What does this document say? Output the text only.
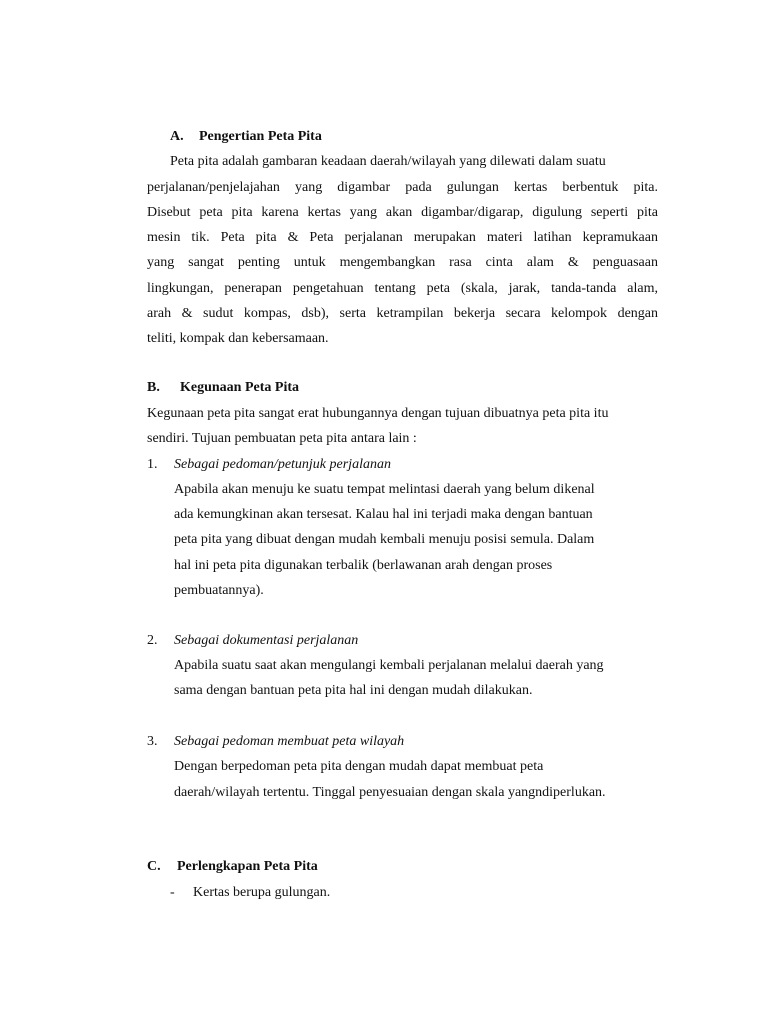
A. Pengertian Peta Pita
Peta pita adalah gambaran keadaan daerah/wilayah yang dilewati dalam suatu
perjalanan/penjelajahan yang digambar pada gulungan kertas berbentuk pita.
Disebut peta pita karena kertas yang akan digambar/digarap, digulung seperti pita
mesin tik. Peta pita & Peta perjalanan merupakan materi latihan kepramukaan
yang sangat penting untuk mengembangkan rasa cinta alam & penguasaan
lingkungan, penerapan pengetahuan tentang peta (skala, jarak, tanda-tanda alam,
arah & sudut kompas, dsb), serta ketrampilan bekerja secara kelompok dengan
teliti, kompak dan kebersamaan.
B. Kegunaan Peta Pita
Kegunaan peta pita sangat erat hubungannya dengan tujuan dibuatnya peta pita itu
sendiri. Tujuan pembuatan peta pita antara lain :
1. Sebagai pedoman/petunjuk perjalanan
Apabila akan menuju ke suatu tempat melintasi daerah yang belum dikenal
ada kemungkinan akan tersesat. Kalau hal ini terjadi maka dengan bantuan
peta pita yang dibuat dengan mudah kembali menuju posisi semula. Dalam
hal ini peta pita digunakan terbalik (berlawanan arah dengan proses
pembuatannya).
2. Sebagai dokumentasi perjalanan
Apabila suatu saat akan mengulangi kembali perjalanan melalui daerah yang
sama dengan bantuan peta pita hal ini dengan mudah dilakukan.
3. Sebagai pedoman membuat peta wilayah
Dengan berpedoman peta pita dengan mudah dapat membuat peta
daerah/wilayah tertentu. Tinggal penyesuaian dengan skala yangndiperlukan.
C. Perlengkapan Peta Pita
- Kertas berupa gulungan.
